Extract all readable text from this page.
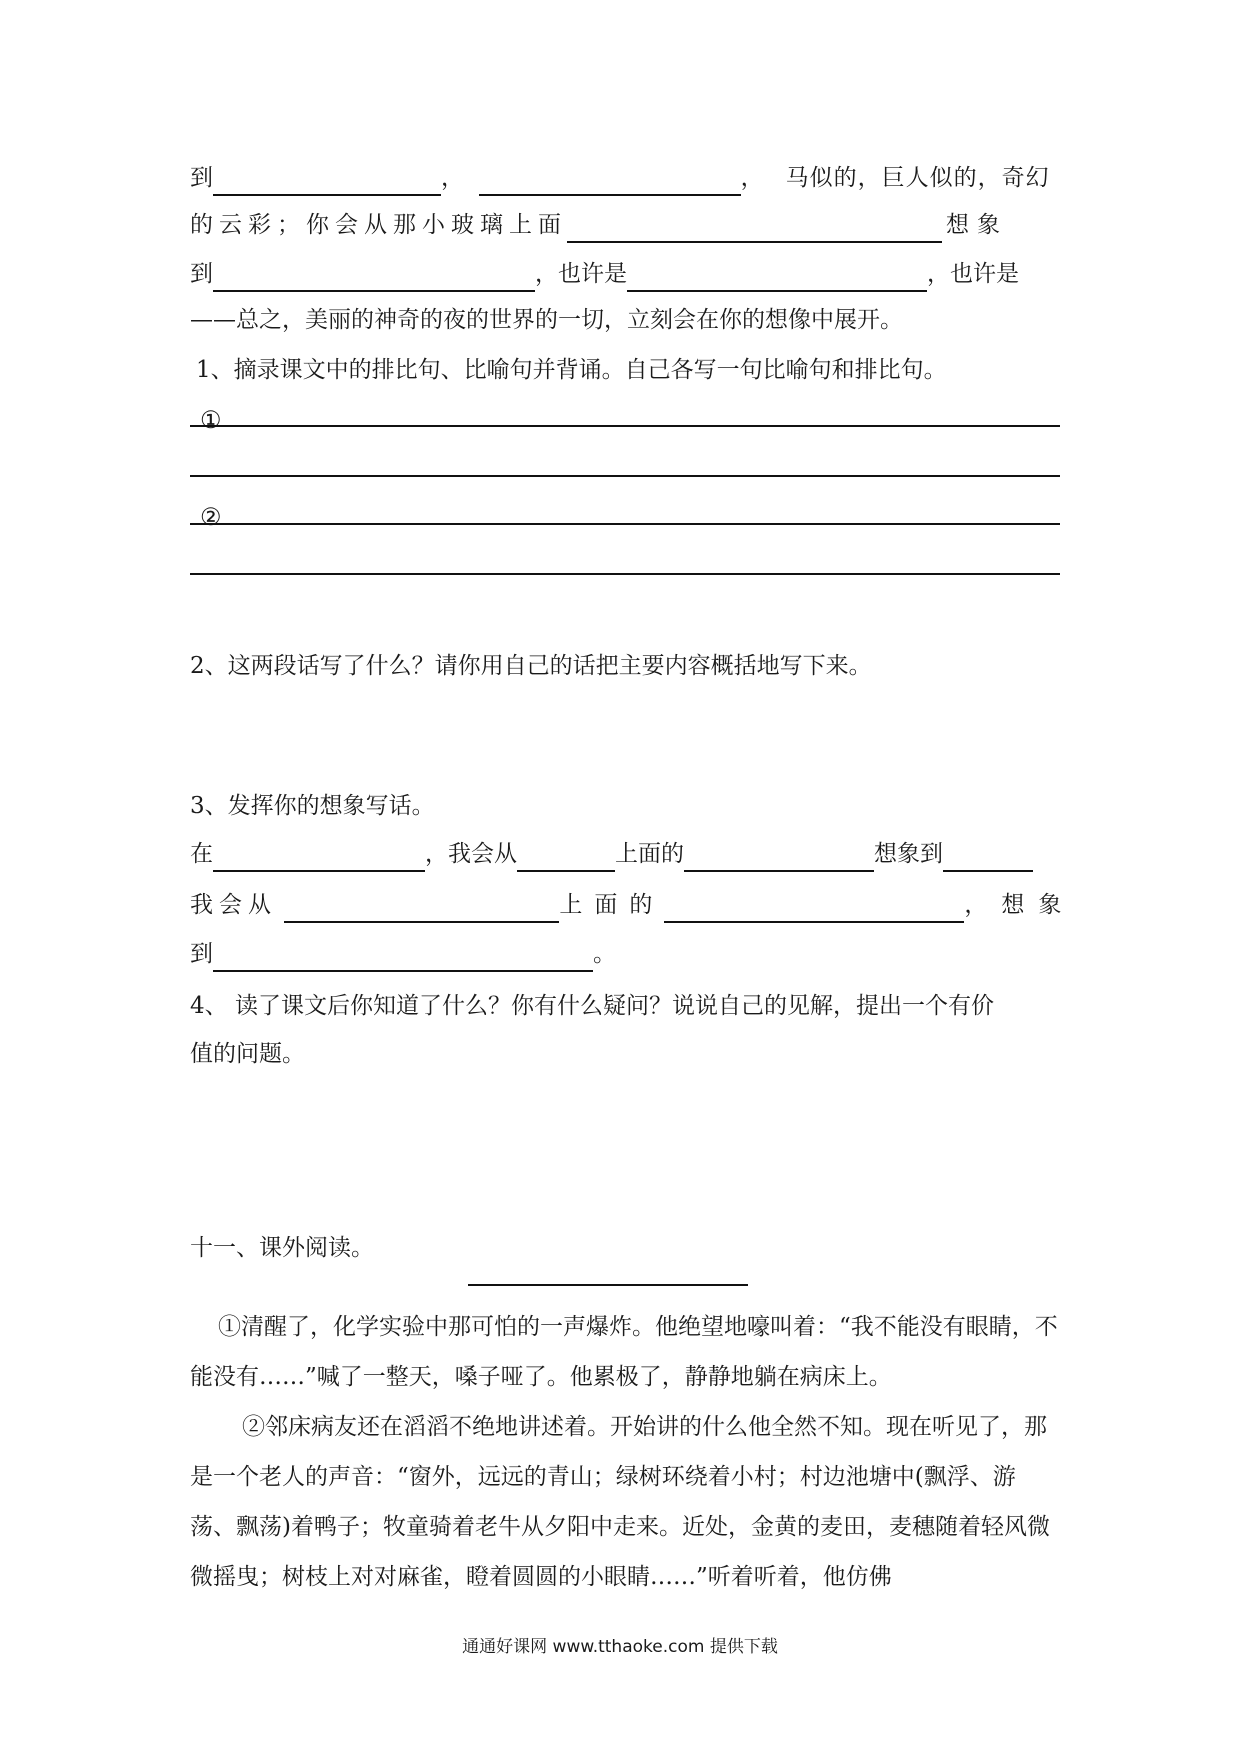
到	，	， 马似的，巨人似的，奇幻
的云彩；你会从那小玻璃上面	想象
到	，也许是	，也许是
——总之，美丽的神奇的夜的世界的一切，立刻会在你的想像中展开。
1、摘录课文中的排比句、比喻句并背诵。自己各写一句比喻句和排比句。
①
②
2、这两段话写了什么？请你用自己的话把主要内容概括地写下来。
3、发挥你的想象写话。
在	，我会从	上面的	想象到
我会从	上面的	，想象
到	。
4、 读了课文后你知道了什么？你有什么疑问？说说自己的见解，提出一个有价
值的问题。
十一、课外阅读。
①清醒了，化学实验中那可怕的一声爆炸。他绝望地嚎叫着：“我不能没有眼睛，不能没有……”喊了一整天，嗓子哑了。他累极了，静静地躺在病床上。
②邻床病友还在滔滔不绝地讲述着。开始讲的什么他全然不知。现在听见了，那是一个老人的声音：“窗外，远远的青山；绿树环绕着小村；村边池塘中(飘浮、游荡、飘荡)着鸭子；牧童骑着老牛从夕阳中走来。近处，金黄的麦田，麦穗随着轻风微微摇曳；树枝上对对麻雀，瞪着圆圆的小眼睛……”听着听着，他仿佛
通通好课网 www.tthaoke.com 提供下载
